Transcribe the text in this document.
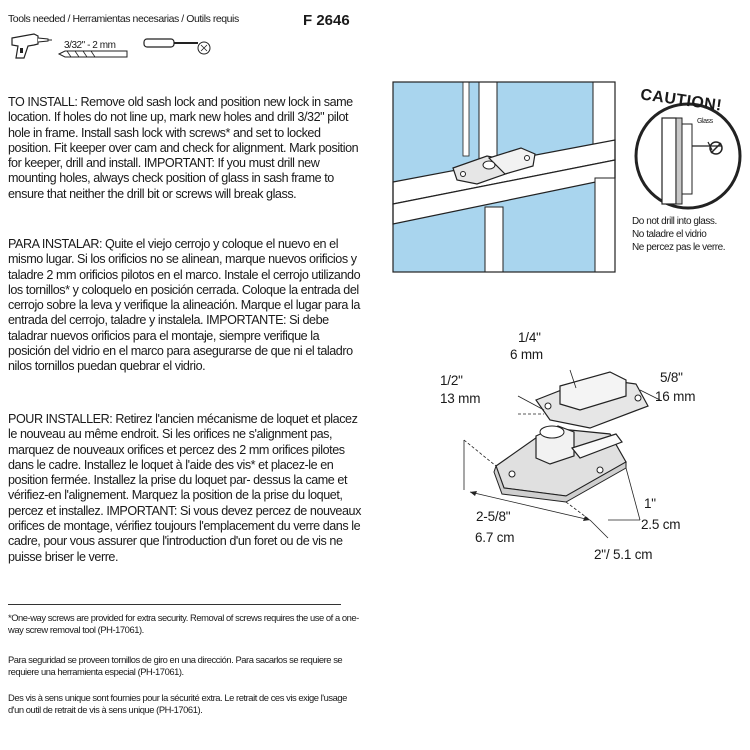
Tools needed / Herramientas necesarias / Outils requis	F 2646
3/32" - 2 mm

TO INSTALL: Remove old sash lock and position new lock in same location. If holes do not line up, mark new holes and drill 3/32" pilot hole in frame. Install sash lock with screws* and set to locked position. Fit keeper over cam and check for alignment. Mark position for keeper, drill and install. IMPORTANT: If you must drill new mounting holes, always check position of glass in sash frame to ensure that neither the drill bit or screws will break glass.

PARA INSTALAR: Quite el viejo cerrojo y coloque el nuevo en el mismo lugar. Si los orificios no se alinean, marque nuevos orificios y taladre 2 mm orificios pilotos en el marco. Instale el cerrojo utilizando los tornillos* y coloquelo en posición cerrada. Coloque la entrada del cerrojo sobre la leva y verifique la alineación. Marque el lugar para la entrada del cerrojo, taladre y instalela. IMPORTANTE: Si debe taladrar nuevos orificios para el montaje, siempre verifique la posición del vidrio en el marco para asegurarse de que ni el taladro nilos tornillos puedan quebrar el vidrio.

POUR INSTALLER: Retirez l'ancien mécanisme de loquet et placez le nouveau au même endroit. Si les orifices ne s'alignment pas, marquez de nouveaux orifices et percez des 2 mm orifices pilotes dans le cadre. Installez le loquet à l'aide des vis* et placez-le en position fermée. Installez la prise du loquet par- dessus la came et vérifiez-en l'alignement. Marquez la position de la prise du loquet, percez et installez. IMPORTANT: Si vous devez percez de nouveaux orifices de montage, vérifiez toujours l'emplacement du verre dans le cadre, pour vous assurer que l'introduction d'un foret ou de vis ne puisse briser le verre.

*One-way screws are provided for extra security. Removal of screws requires the use of a one-way screw removal tool (PH-17061).

Para seguridad se proveen tornillos de giro en una dirección. Para sacarlos se requiere se requiere una herramienta especial (PH-17061).

Des vis à sens unique sont fournies pour la sécurité extra. Le retrait de ces vis exige l'usage d'un outil de retrait de vis à sens unique (PH-17061).

CAUTION!
Glass
Do not drill into glass.
No taladre el vidrio
Ne percez pas le verre.
1/4"
6 mm
1/2"
13 mm
5/8"
16 mm
1"
2.5 cm
2-5/8"
6.7 cm
2"/ 5.1 cm
